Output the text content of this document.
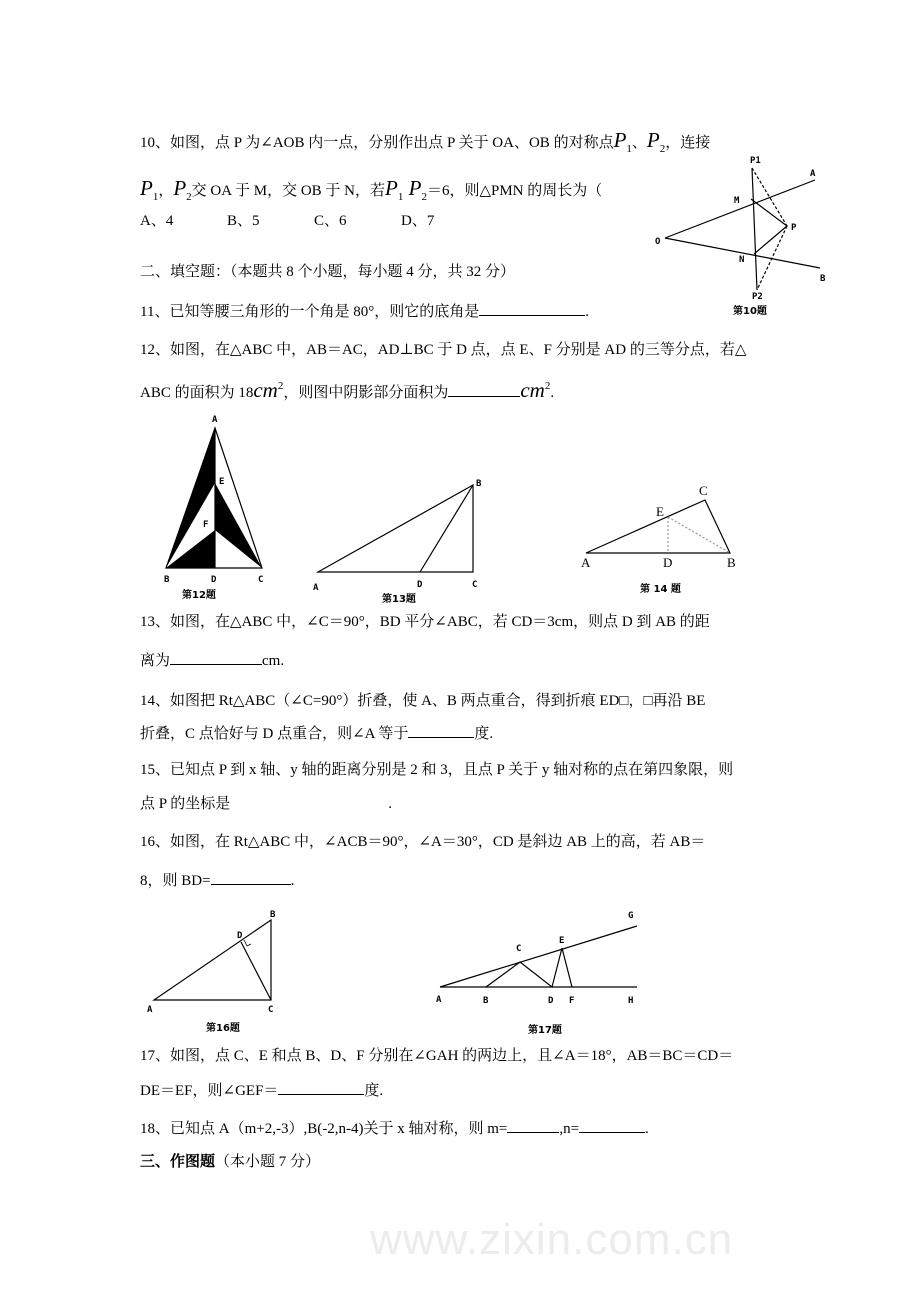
www.zixin.com.cn
10、如图，点 P 为∠AOB 内一点，分别作出点 P 关于 OA、OB 的对称点$P_1$、$P_2$，连接
$P_1$，$P_2$交 OA 于 M，交 OB 于 N，若$P_1$ $P_2=6$，则△PMN 的周长为（
A、4	B、5	C、6	D、7
二、填空题：（本题共 8 个小题，每小题 4 分，共 32 分）
11、已知等腰三角形的一个角是 80°，则它的底角是	.
12、如图，在△ABC 中，AB＝AC，AD⊥BC 于 D 点，点 E、F 分别是 AD 的三等分点，若△
ABC 的面积为 $18cm^2$，则图中阴影部分面积为	$cm^2$.
13、如图，在△ABC 中，∠C＝90°，BD 平分∠ABC，若 CD＝3cm，则点 D 到 AB 的距
离为	cm.
14、如图把 Rt△ABC（∠C=90°）折叠，使 A、B 两点重合，得到折痕 ED□，□再沿 BE
折叠，C 点恰好与 D 点重合，则∠A 等于	度.
15、已知点 P 到 x 轴、y 轴的距离分别是 2 和 3，且点 P 关于 y 轴对称的点在第四象限，则
点 P 的坐标是	.
16、如图，在 Rt△ABC 中，∠ACB＝90°，∠A＝30°，CD 是斜边 AB 上的高，若 AB＝
8，则 BD=	.
17、如图，点 C、E 和点 B、D、F 分别在∠GAH 的两边上，且∠A＝18°，AB＝BC＝CD＝
DE＝EF，则∠GEF＝	度.
18、已知点 A（m+2,-3）,B(-2,n-4)关于 x 轴对称，则 m=	,n=	.
三、作图题（本小题 7 分）
P1
A
M
P
O
N
B
P2
第10题
A
E
F
B	D	C
第12题
A	D	C
B
第13题
A	D	B
C
E
第 14 题
A	C
B
D
第16题
A	B	D F	H
C
E
G
第17题
